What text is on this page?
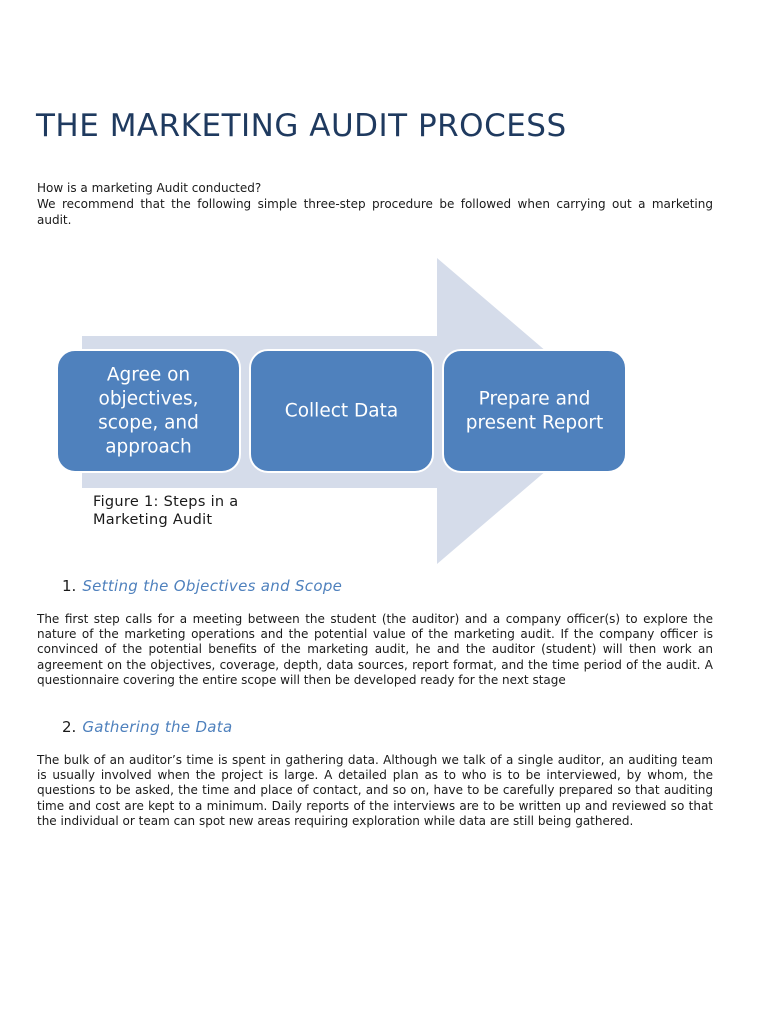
THE MARKETING AUDIT PROCESS

How is a marketing Audit conducted?

We recommend that the following simple three-step procedure be followed when carrying out a marketing audit.

Agree on objectives, scope, and approach
Collect Data
Prepare and present Report
Figure 1: Steps in a
Marketing Audit
1. Setting the Objectives and Scope

The first step calls for a meeting between the student (the auditor) and a company officer(s) to explore the nature of the marketing operations and the potential value of the marketing audit. If the company officer is convinced of the potential benefits of the marketing audit, he and the auditor (student) will then work an agreement on the objectives, coverage, depth, data sources, report format, and the time period of the audit. A questionnaire covering the entire scope will then be developed ready for the next stage

2. Gathering the Data

The bulk of an auditor’s time is spent in gathering data. Although we talk of a single auditor, an auditing team is usually involved when the project is large. A detailed plan as to who is to be interviewed, by whom, the questions to be asked, the time and place of contact, and so on, have to be carefully prepared so that auditing time and cost are kept to a minimum. Daily reports of the interviews are to be written up and reviewed so that the individual or team can spot new areas requiring exploration while data are still being gathered.
